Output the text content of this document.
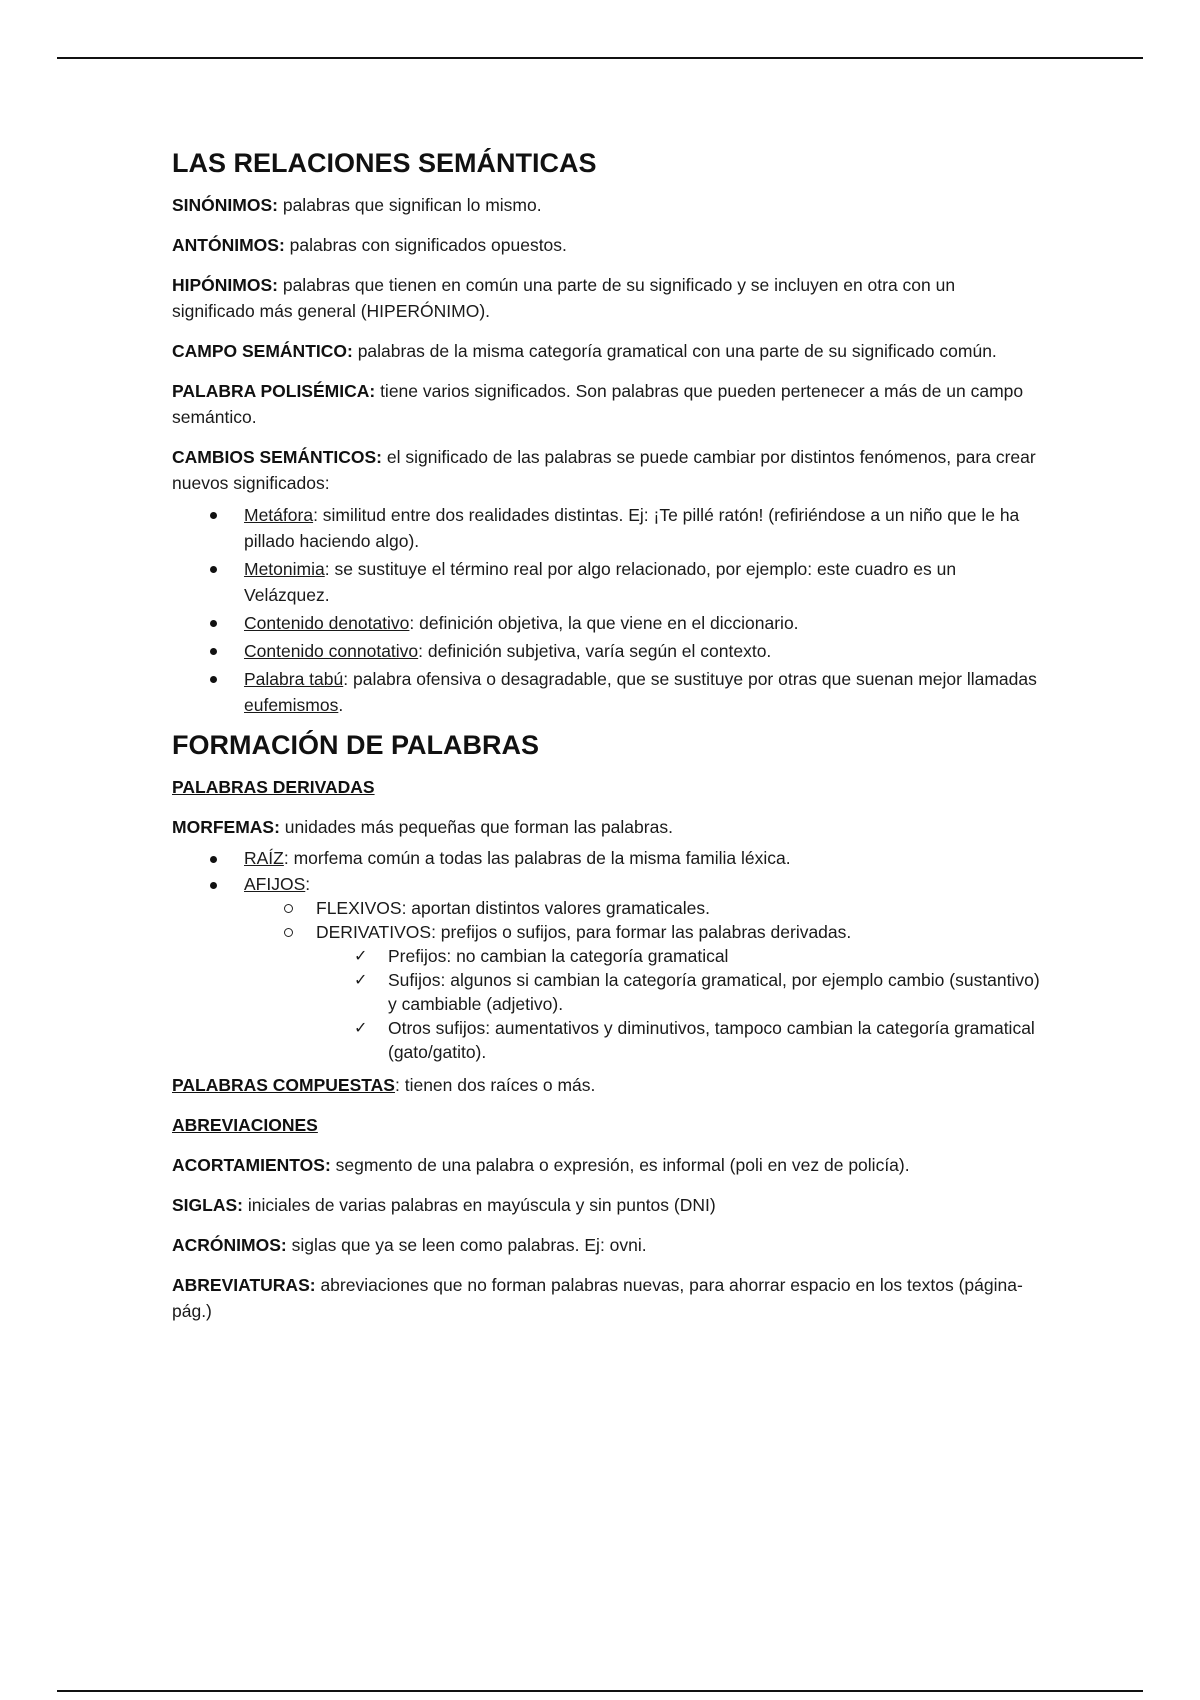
LAS RELACIONES SEMÁNTICAS

SINÓNIMOS: palabras que significan lo mismo.

ANTÓNIMOS: palabras con significados opuestos.

HIPÓNIMOS: palabras que tienen en común una parte de su significado y se incluyen en otra con un significado más general (HIPERÓNIMO).

CAMPO SEMÁNTICO: palabras de la misma categoría gramatical con una parte de su significado común.

PALABRA POLISÉMICA: tiene varios significados. Son palabras que pueden pertenecer a más de un campo semántico.

CAMBIOS SEMÁNTICOS: el significado de las palabras se puede cambiar por distintos fenómenos, para crear nuevos significados:

Metáfora: similitud entre dos realidades distintas. Ej: ¡Te pillé ratón! (refiriéndose a un niño que le ha pillado haciendo algo).
Metonimia: se sustituye el término real por algo relacionado, por ejemplo: este cuadro es un Velázquez.
Contenido denotativo: definición objetiva, la que viene en el diccionario.
Contenido connotativo: definición subjetiva, varía según el contexto.
Palabra tabú: palabra ofensiva o desagradable, que se sustituye por otras que suenan mejor llamadas eufemismos.
FORMACIÓN DE PALABRAS

PALABRAS DERIVADAS

MORFEMAS: unidades más pequeñas que forman las palabras.

RAÍZ: morfema común a todas las palabras de la misma familia léxica.
AFIJOS:
FLEXIVOS: aportan distintos valores gramaticales.
DERIVATIVOS: prefijos o sufijos, para formar las palabras derivadas.
✓ Prefijos: no cambian la categoría gramatical
✓ Sufijos: algunos si cambian la categoría gramatical, por ejemplo cambio (sustantivo) y cambiable (adjetivo).
✓ Otros sufijos: aumentativos y diminutivos, tampoco cambian la categoría gramatical (gato/gatito).

PALABRAS COMPUESTAS: tienen dos raíces o más.

ABREVIACIONES

ACORTAMIENTOS: segmento de una palabra o expresión, es informal (poli en vez de policía).

SIGLAS: iniciales de varias palabras en mayúscula y sin puntos (DNI)

ACRÓNIMOS: siglas que ya se leen como palabras. Ej: ovni.

ABREVIATURAS: abreviaciones que no forman palabras nuevas, para ahorrar espacio en los textos (página- pág.)
